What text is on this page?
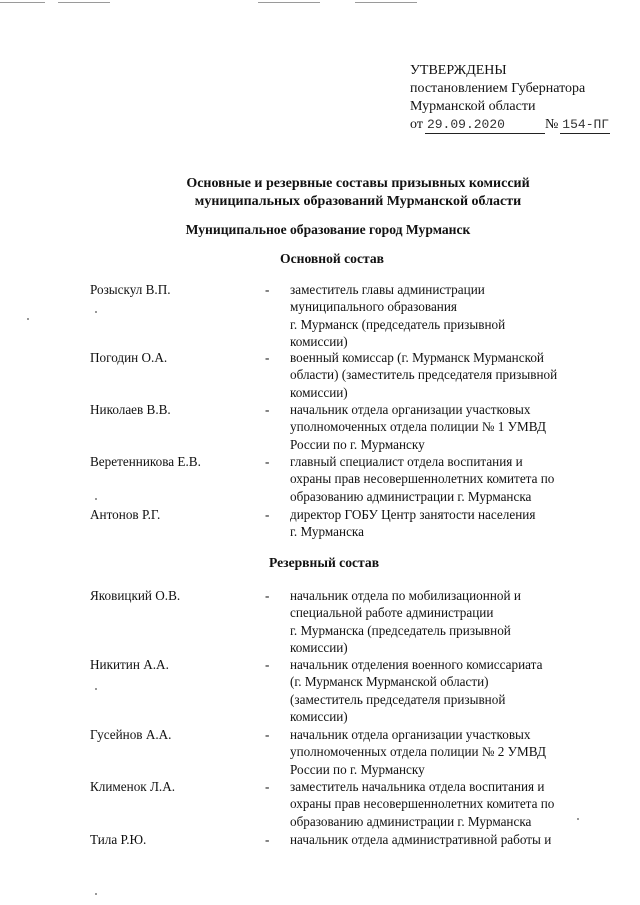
УТВЕРЖДЕНЫ
постановлением Губернатора
Мурманской области
от 29.09.2020	№ 154-ПГ
Основные и резервные составы призывных комиссий
муниципальных образований Мурманской области
Муниципальное образование город Мурманск
Основной состав
Розыскул В.П.	- заместитель главы администрации
муниципального образования
г. Мурманск (председатель призывной
комиссии)
Погодин О.А.	- военный комиссар (г. Мурманск Мурманской
области) (заместитель председателя призывной
комиссии)
Николаев В.В.	- начальник отдела организации участковых
уполномоченных отдела полиции № 1 УМВД
России по г. Мурманску
Веретенникова Е.В.	- главный специалист отдела воспитания и
охраны прав несовершеннолетних комитета по
образованию администрации г. Мурманска
Антонов Р.Г.	- директор ГОБУ Центр занятости населения
г. Мурманска
Резервный состав
Яковицкий О.В.	- начальник отдела по мобилизационной и
специальной работе администрации
г. Мурманска (председатель призывной
комиссии)
Никитин А.А.	- начальник отделения военного комиссариата
(г. Мурманск Мурманской области)
(заместитель председателя призывной
комиссии)
Гусейнов А.А.	- начальник отдела организации участковых
уполномоченных отдела полиции № 2 УМВД
России по г. Мурманску
Клименок Л.А.	- заместитель начальника отдела воспитания и
охраны прав несовершеннолетних комитета по
образованию администрации г. Мурманска
Тила Р.Ю.	- начальник отдела административной работы и
